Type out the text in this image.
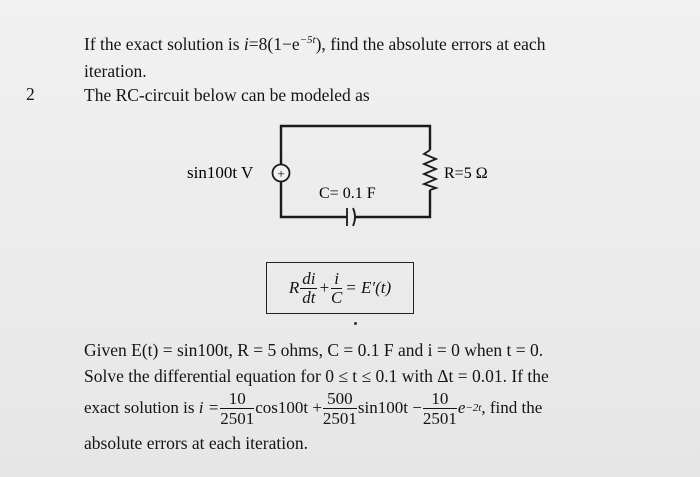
2
If the exact solution is $i=8(1-e^{-5t})$, find the absolute errors at each
iteration.
The RC-circuit below can be modeled as
+
sin100t V	R=5 Ω
C= 0.1 F
R $\frac{di}{dt} + \frac{i}{C} = E'(t)$
Given E(t) = sin100t, R = 5 ohms, C = 0.1 F and i = 0 when t = 0.
Solve the differential equation for 0 ≤ t ≤ 0.1 with Δt = 0.01. If the
exact solution is
$i = \frac{10}{2501} \cos 100t + \frac{500}{2501} \sin 100t - \frac{10}{2501}$ e −2t , find the
absolute errors at each iteration.
